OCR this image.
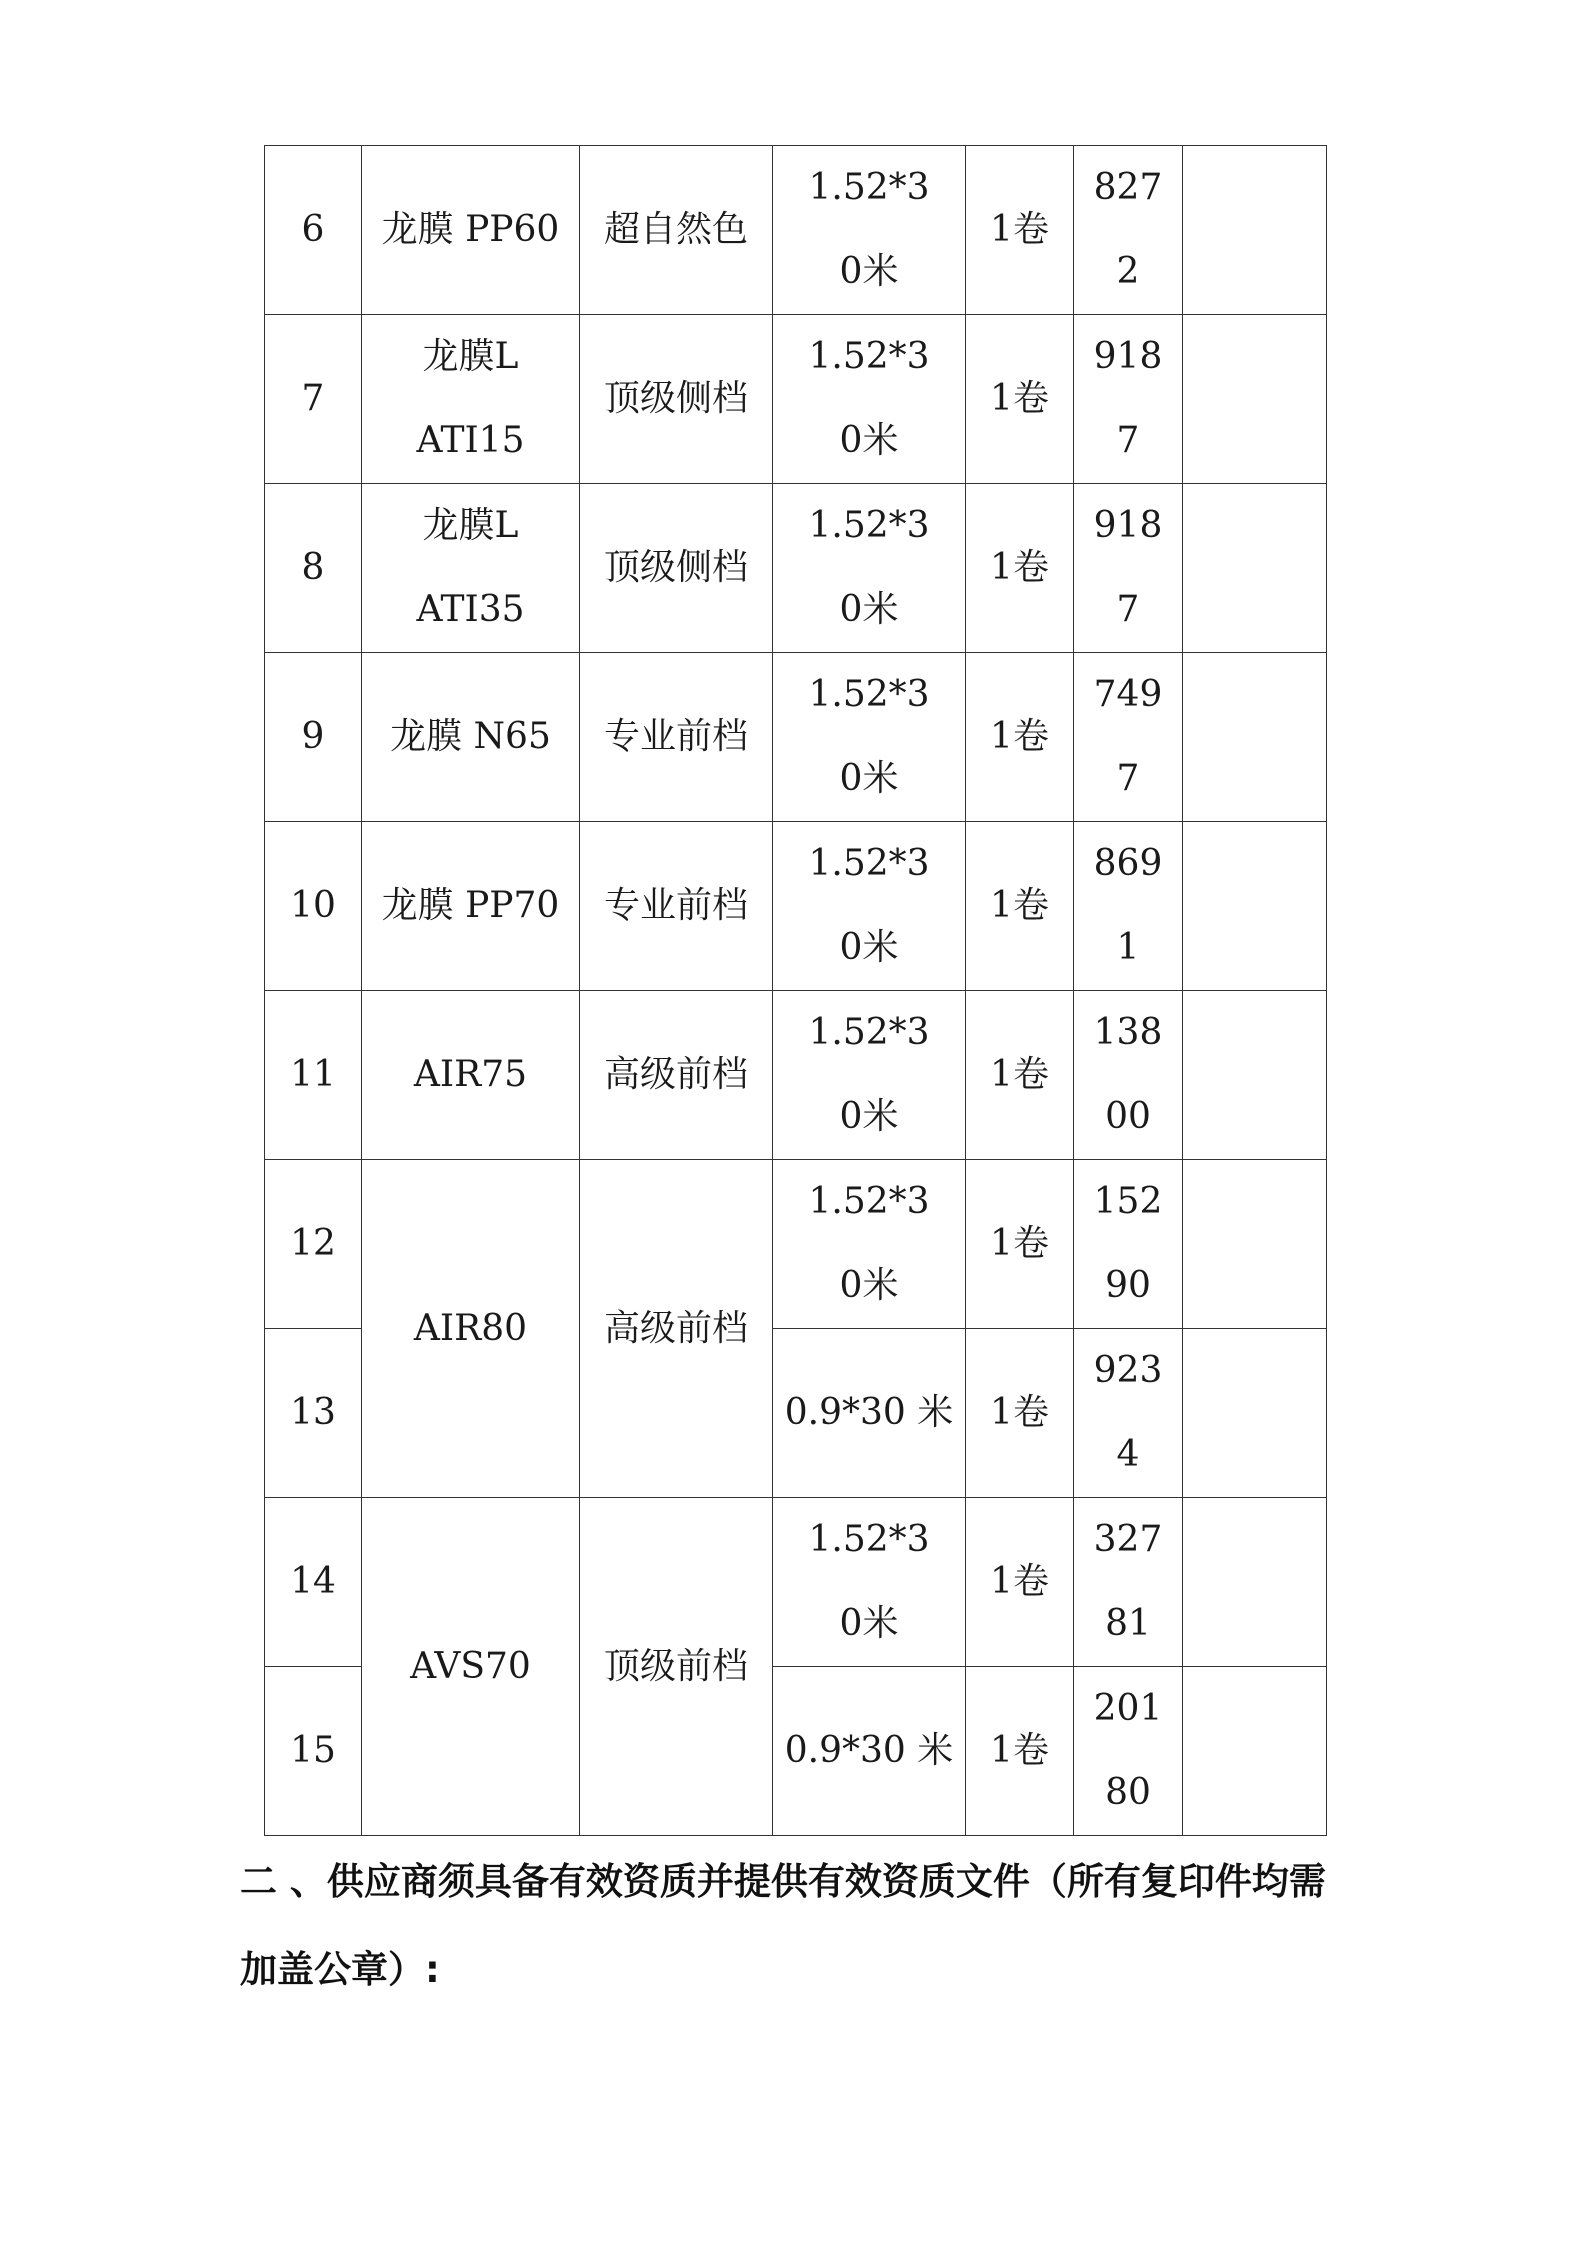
6	龙膜 PP60	超自然色	1.52*30米	1卷	8272	
7	龙膜LATI15	顶级侧档	1.52*30米	1卷	9187	
8	龙膜LATI35	顶级侧档	1.52*30米	1卷	9187	
9	龙膜 N65	专业前档	1.52*30米	1卷	7497	
10	龙膜 PP70	专业前档	1.52*30米	1卷	8691	
11	AIR75	高级前档	1.52*30米	1卷	13800	
12	AIR80	高级前档	1.52*30米	1卷	15290	
13			0.9*30 米	1卷	9234	
14	AVS70	顶级前档	1.52*30米	1卷	32781	
15			0.9*30 米	1卷	20180	
二 、供应商须具备有效资质并提供有效资质文件（所有复印件均需加盖公章）:
